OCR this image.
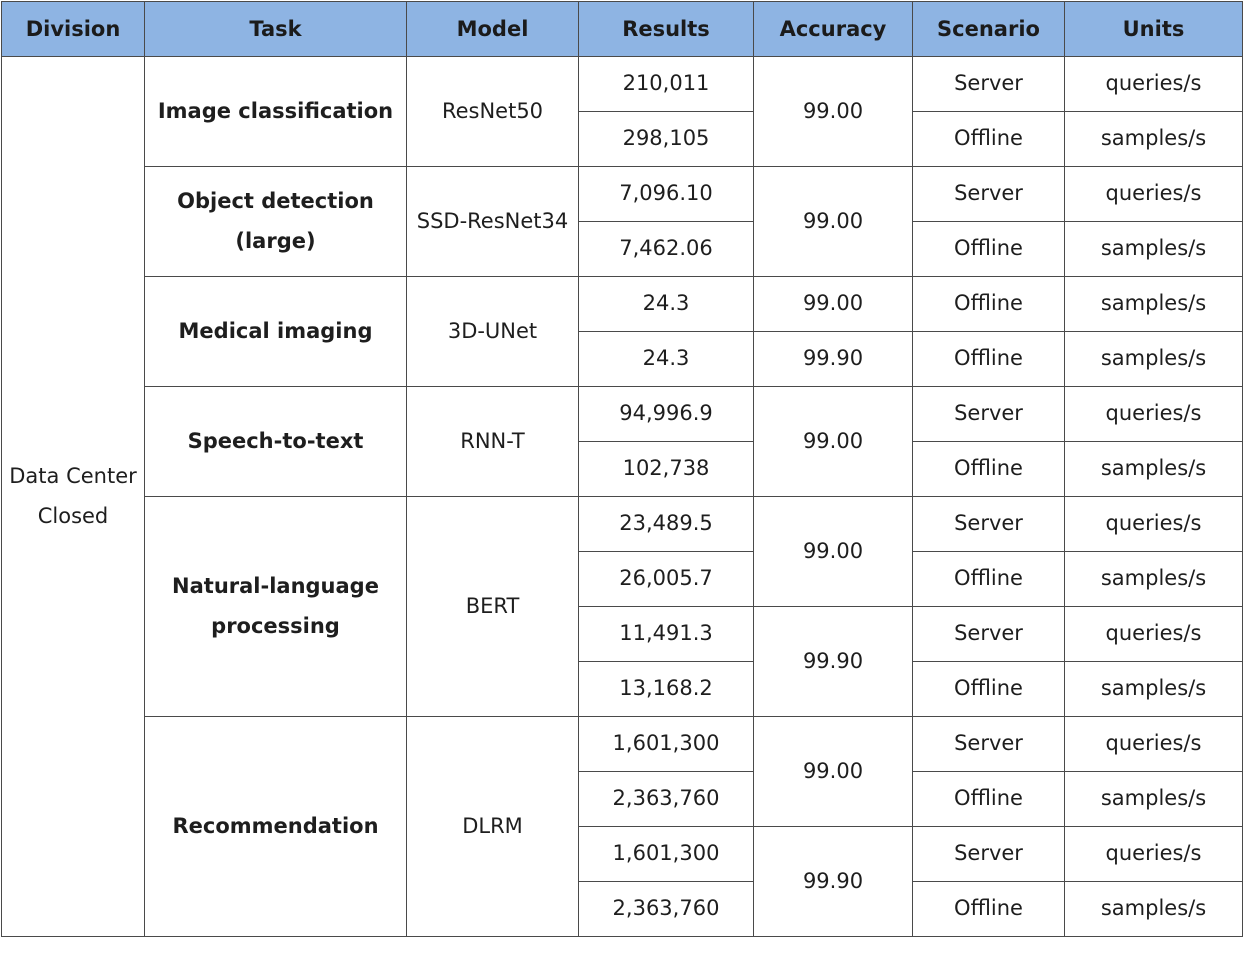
Division	Task	Model	Results	Accuracy	Scenario	Units
Data Center Closed	Image classification	ResNet50	210,011	99.00	Server	queries/s
			298,105		Offline	samples/s
	Object detection (large)	SSD-ResNet34	7,096.10	99.00	Server	queries/s
			7,462.06		Offline	samples/s
	Medical imaging	3D-UNet	24.3	99.00	Offline	samples/s
			24.3	99.90	Offline	samples/s
	Speech-to-text	RNN-T	94,996.9	99.00	Server	queries/s
			102,738		Offline	samples/s
	Natural-language processing	BERT	23,489.5	99.00	Server	queries/s
			26,005.7		Offline	samples/s
			11,491.3	99.90	Server	queries/s
			13,168.2		Offline	samples/s
	Recommendation	DLRM	1,601,300	99.00	Server	queries/s
			2,363,760		Offline	samples/s
			1,601,300	99.90	Server	queries/s
			2,363,760		Offline	samples/s
